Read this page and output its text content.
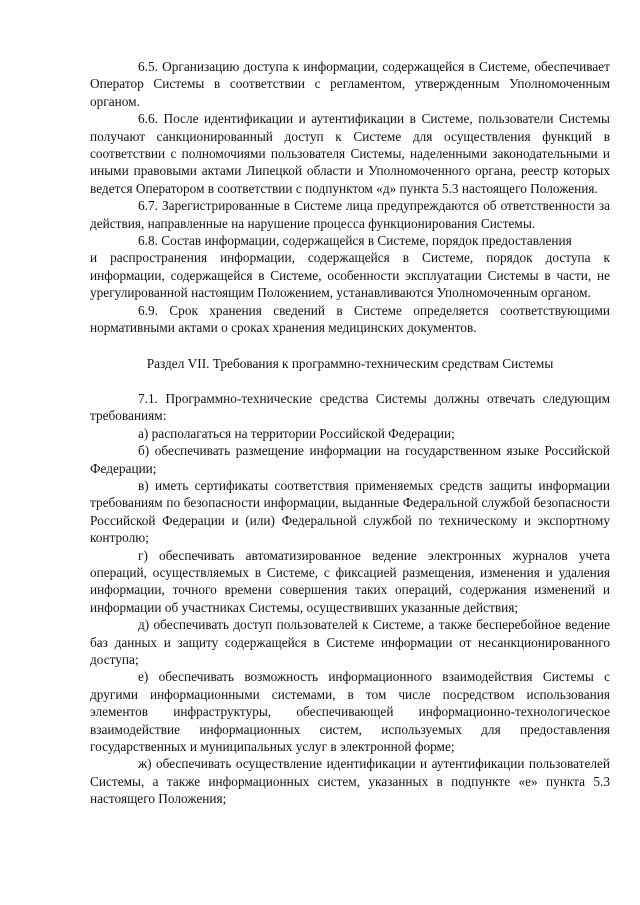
6.5. Организацию доступа к информации, содержащейся в Системе, обеспечивает Оператор Системы в соответствии с регламентом, утвержденным Уполномоченным органом.

6.6. После идентификации и аутентификации в Системе, пользователи Системы получают санкционированный доступ к Системе для осуществления функций в соответствии с полномочиями пользователя Системы, наделенными законодательными и иными правовыми актами Липецкой области и Уполномоченного органа, реестр которых ведется Оператором в соответствии с подпунктом «д» пункта 5.3 настоящего Положения.

6.7. Зарегистрированные в Системе лица предупреждаются об ответственности за действия, направленные на нарушение процесса функционирования Системы.

6.8. Состав информации, содержащейся в Системе, порядок предоставления

и распространения информации, содержащейся в Системе, порядок доступа к информации, содержащейся в Системе, особенности эксплуатации Системы в части, не урегулированной настоящим Положением, устанавливаются Уполномоченным органом.

6.9. Срок хранения сведений в Системе определяется соответствующими нормативными актами о сроках хранения медицинских документов.

Раздел VII. Требования к программно-техническим средствам Системы

7.1. Программно-технические средства Системы должны отвечать следующим требованиям:

а) располагаться на территории Российской Федерации;

б) обеспечивать размещение информации на государственном языке Российской Федерации;

в) иметь сертификаты соответствия применяемых средств защиты информации требованиям по безопасности информации, выданные Федеральной службой безопасности Российской Федерации и (или) Федеральной службой по техническому и экспортному контролю;

г) обеспечивать автоматизированное ведение электронных журналов учета операций, осуществляемых в Системе, с фиксацией размещения, изменения и удаления информации, точного времени совершения таких операций, содержания изменений и информации об участниках Системы, осуществивших указанные действия;

д) обеспечивать доступ пользователей к Системе, а также бесперебойное ведение баз данных и защиту содержащейся в Системе информации от несанкционированного доступа;

е) обеспечивать возможность информационного взаимодействия Системы с другими информационными системами, в том числе посредством использования элементов инфраструктуры, обеспечивающей информационно-технологическое взаимодействие информационных систем, используемых для предоставления государственных и муниципальных услуг в электронной форме;

ж) обеспечивать осуществление идентификации и аутентификации пользователей Системы, а также информационных систем, указанных в подпункте «е» пункта 5.3 настоящего Положения;
